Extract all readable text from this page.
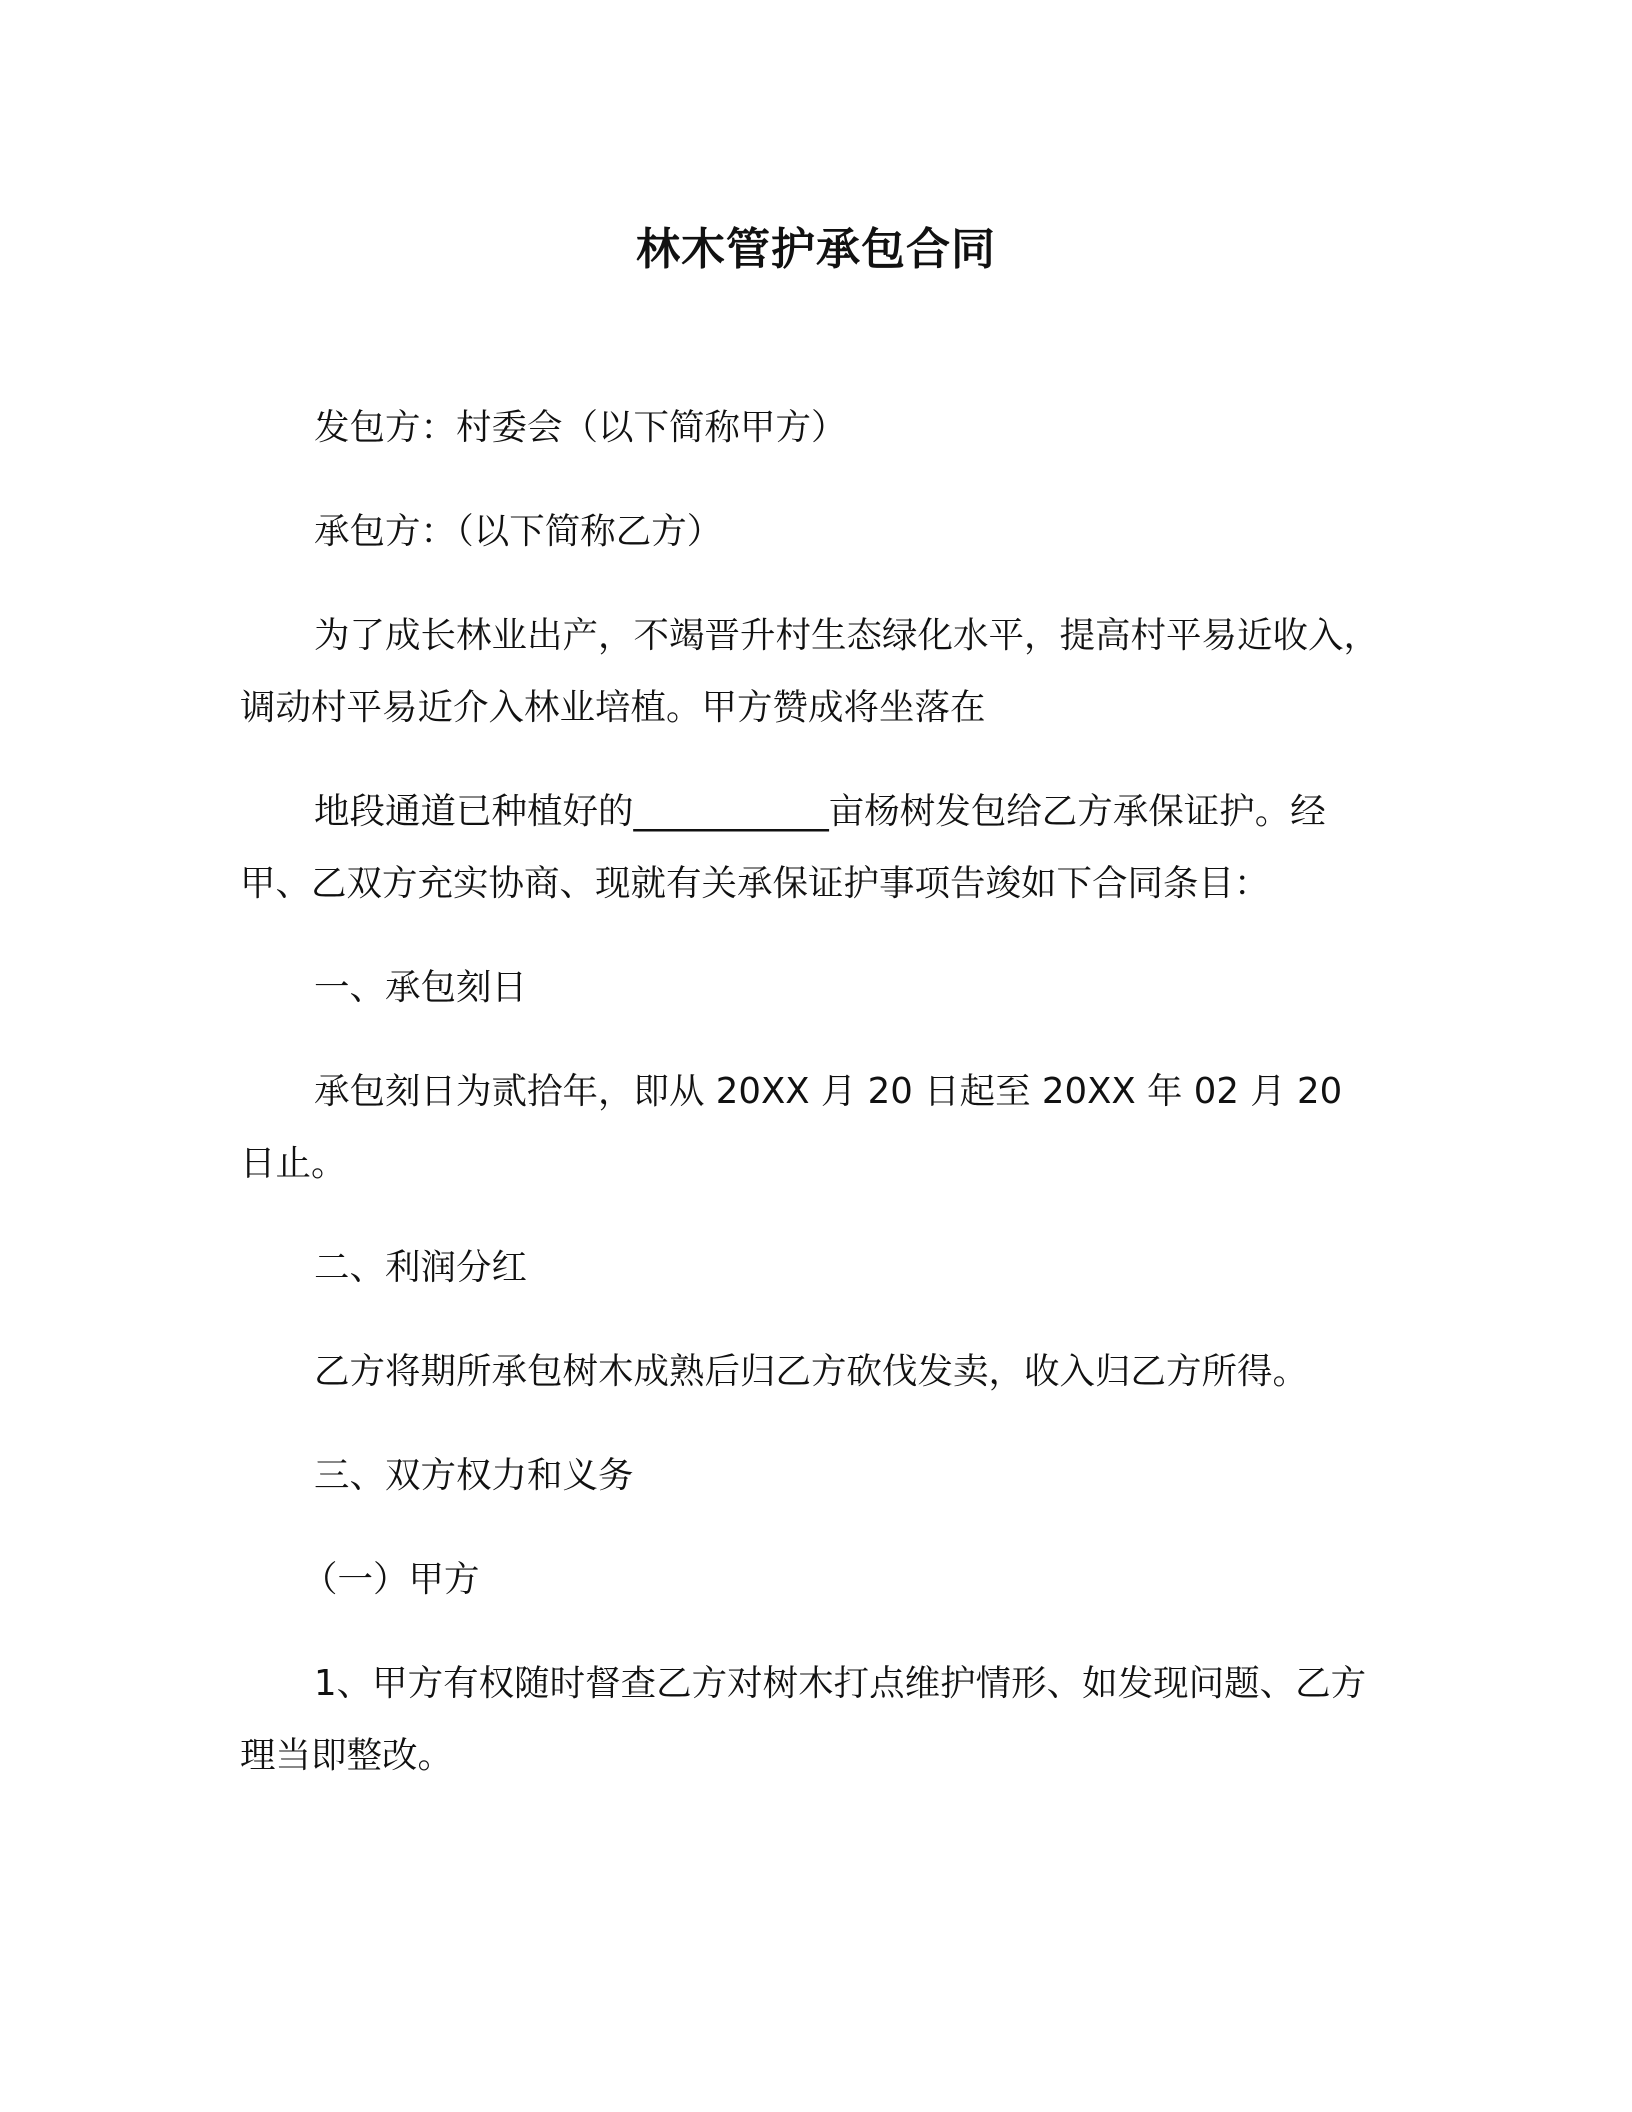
林木管护承包合同

发包方：村委会（以下简称甲方）

承包方：（以下简称乙方）

为了成长林业出产，不竭晋升村生态绿化水平，提高村平易近收入，调动村平易近介入林业培植。甲方赞成将坐落在

地段通道已种植好的___________亩杨树发包给乙方承保证护。经甲、乙双方充实协商、现就有关承保证护事项告竣如下合同条目：

一、承包刻日

承包刻日为贰拾年，即从 20XX 月 20 日起至 20XX 年 02 月 20 日止。

二、利润分红

乙方将期所承包树木成熟后归乙方砍伐发卖，收入归乙方所得。

三、双方权力和义务

（一）甲方

1、甲方有权随时督查乙方对树木打点维护情形、如发现问题、乙方理当即整改。
